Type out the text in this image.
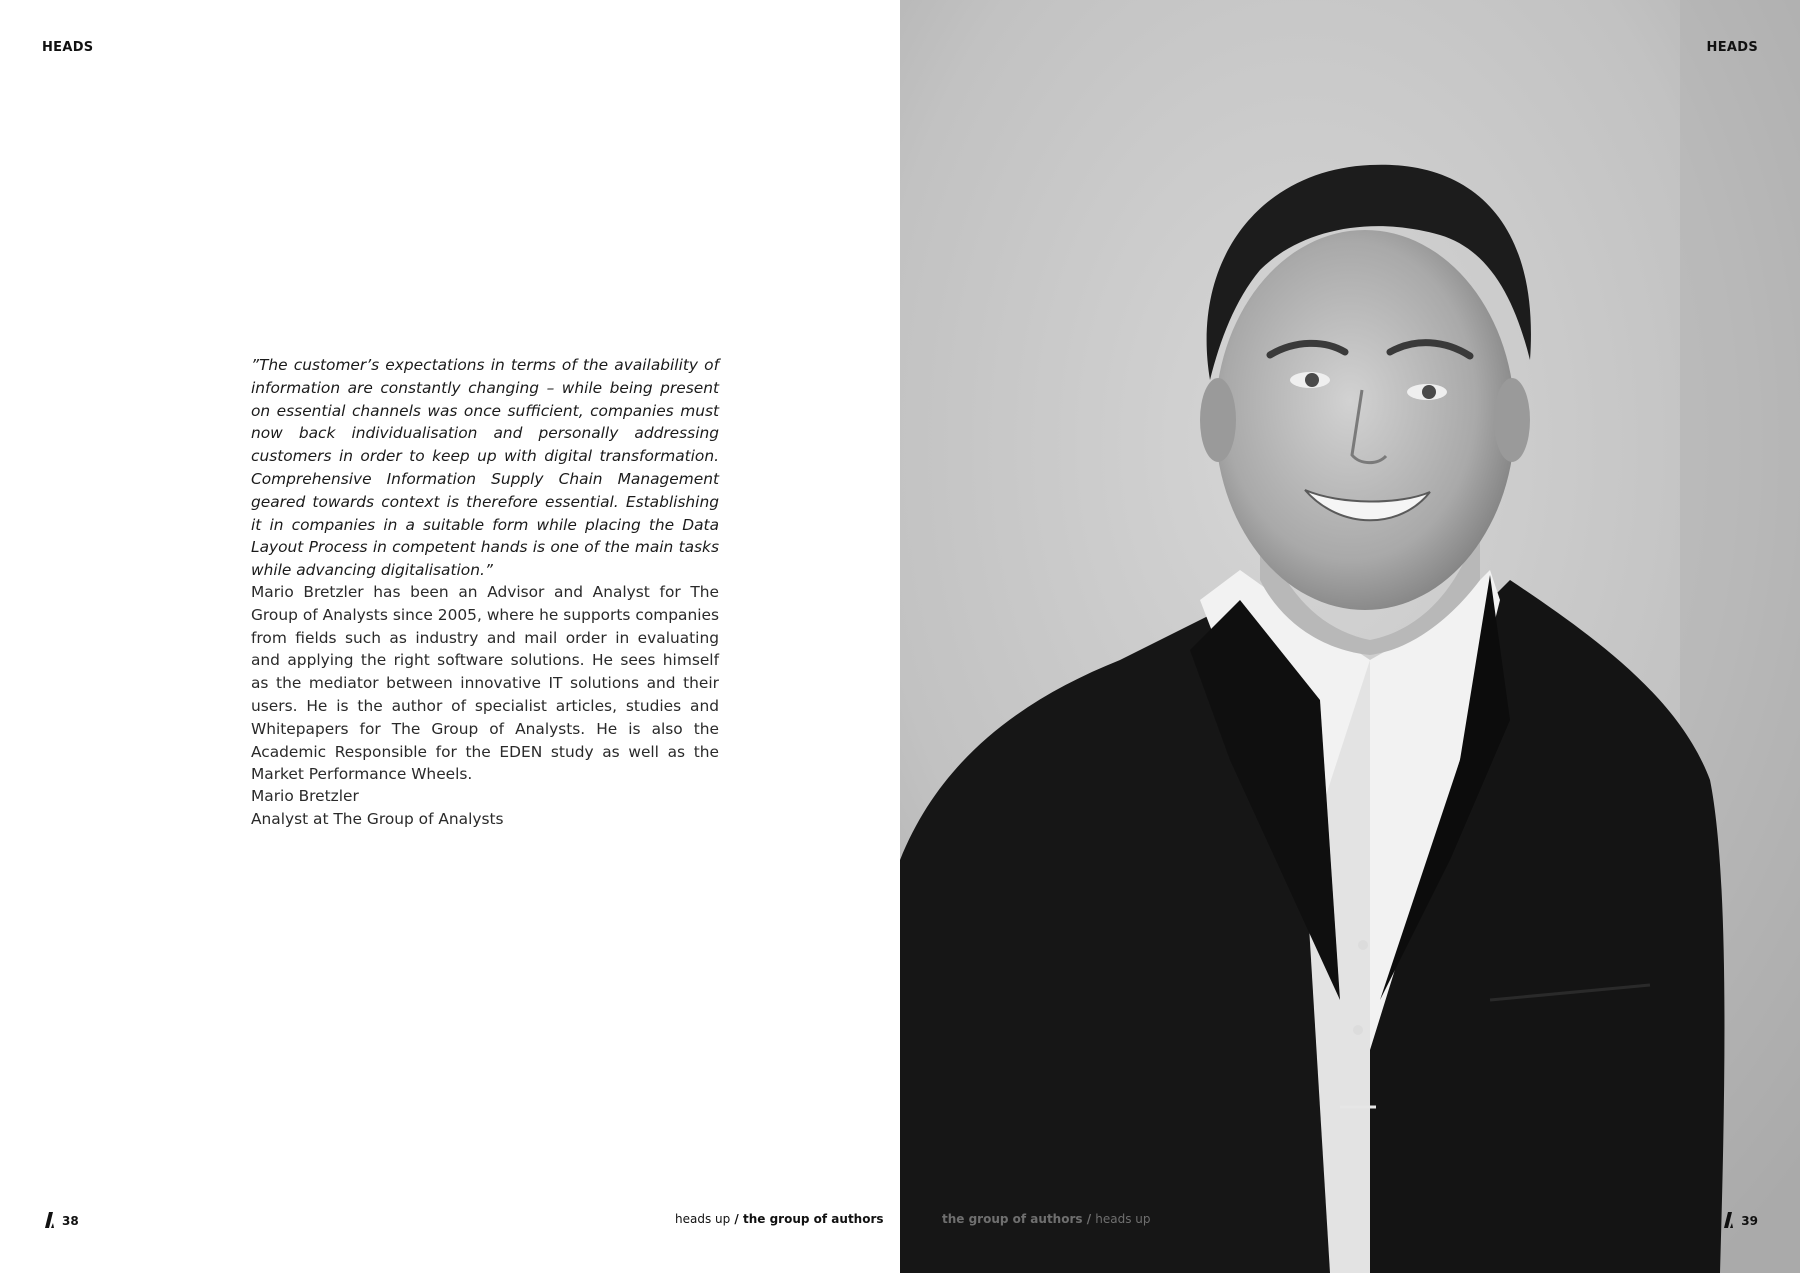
HEADS

”The customer’s expectations in terms of the availability of information are constantly changing – while being present on essential channels was once sufficient, companies must now back individualisation and personally addressing customers in order to keep up with digital transformation. Comprehensive Information Supply Chain Management geared towards context is therefore essential. Establishing it in companies in a suitable form while placing the Data Layout Process in competent hands is one of the main tasks while advancing digitalisation.”

Mario Bretzler has been an Advisor and Analyst for The Group of Analysts since 2005, where he supports companies from fields such as industry and mail order in evaluating and applying the right software solutions. He sees himself as the mediator between innovative IT solutions and their users. He is the author of specialist articles, studies and Whitepapers for The Group of Analysts. He is also the Academic Responsible for the EDEN study as well as the Market Performance Wheels.

Mario Bretzler
Analyst at The Group of Analysts
38	heads up / the group of authors
HEADS
39
the group of authors / heads up
